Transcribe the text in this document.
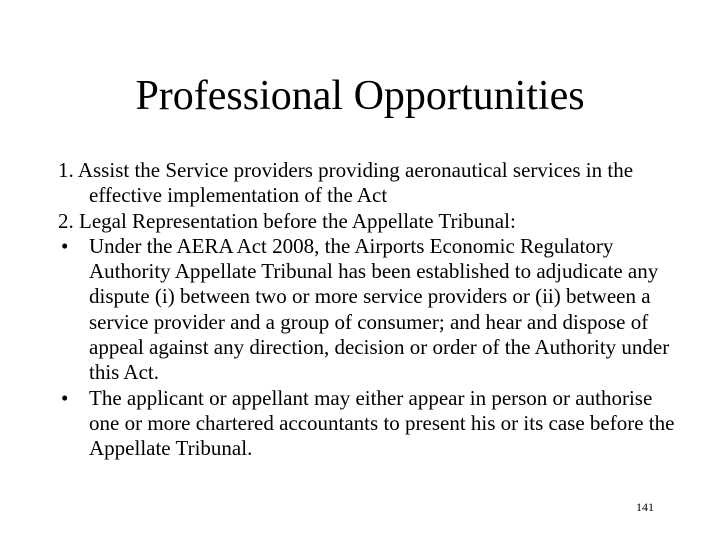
Professional Opportunities
1. Assist the Service providers providing aeronautical services in the effective implementation of the Act
2. Legal Representation before the Appellate Tribunal:
• Under the AERA Act 2008, the Airports Economic Regulatory Authority Appellate Tribunal has been established to adjudicate any dispute (i) between two or more service providers or (ii) between a service provider and a group of consumer; and hear and dispose of appeal against any direction, decision or order of the Authority under this Act.
• The applicant or appellant may either appear in person or authorise one or more chartered accountants to present his or its case before the Appellate Tribunal.
141
